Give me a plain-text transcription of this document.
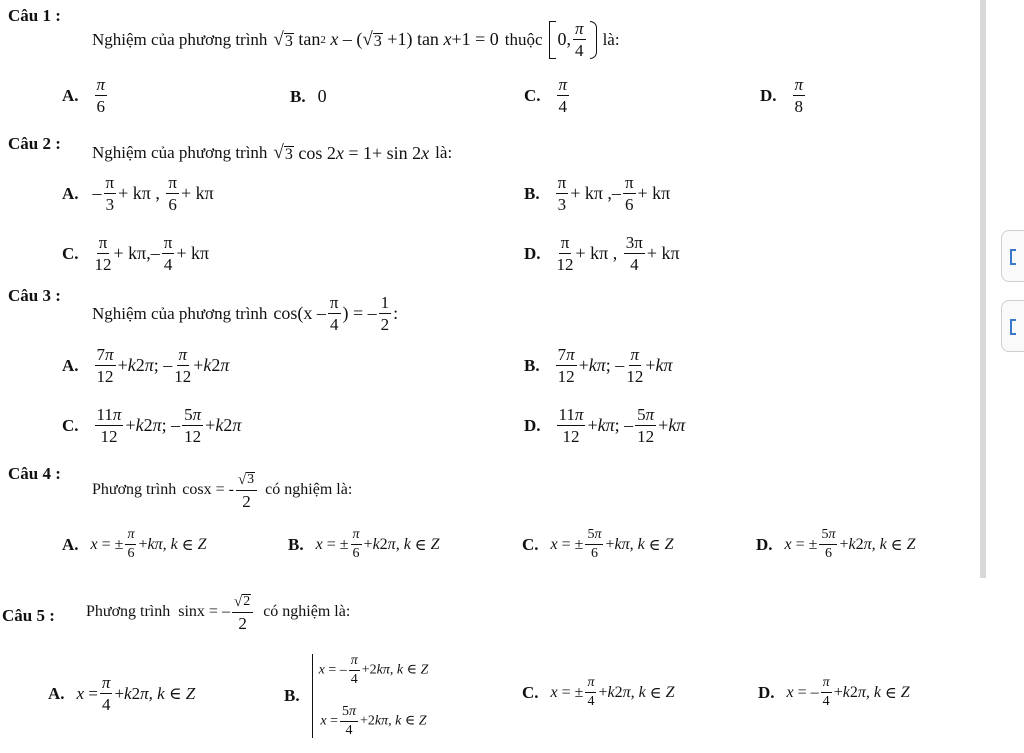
Câu 1 :
Nghiệm của phương trình √ 3 tan 2
x – ( √ 3 +1) tan x +1 = 0 thuộc 0, $\frac{\pi}{4}$ là:
A. $\frac{\pi}{6}$	B. 0	C. $\frac{\pi}{4}$	D. $\frac{\pi}{8}$
Câu 2 : Nghiệm của phương trình √ 3 cos 2 x = 1+ sin 2 x là:
A. – $\frac{\pi}{3} + k\pi$ , $\frac{\pi}{6} + k\pi$	B. $\frac{\pi}{3} + k\pi$ ,– $\frac{\pi}{6} + k\pi$
C. $\frac{\pi}{12} + k\pi,- \frac{\pi}{4} + k\pi$	D. $\frac{\pi}{12} + k\pi$ , $\frac{3\pi}{4} + k\pi$
Câu 3 :
Nghiệm của phương trình $\cos(x - \frac{\pi}{4}$ ) = – $\frac{1}{2}$ :
A. $\frac{7\pi}{12} + k$ 2 π ; – $\frac{\pi}{12} + k$ 2 π	B. $\frac{7\pi}{12} + k\pi$ ; – $\frac{\pi}{12} + k\pi$
C. $\frac{11\pi}{12} + k$ 2 π ; – $\frac{5\pi}{12} + k$ 2 π	D. $\frac{11\pi}{12} + k\pi$ ; – $\frac{5\pi}{12} + k\pi$
Câu 4 :
Phương trình cosx = - $\frac{√ 3}{2}$ có nghiệm là:
A. x = ± $\frac{\pi}{6} + k\pi$, k ∈ Z	B. x = ± $\frac{\pi}{6} + k$ 2 π, k ∈ Z	C. x = ± $\frac{5\pi}{6} + k\pi$, k ∈ Z	D. x = ± $\frac{5\pi}{6} + k$ 2 π, k ∈ Z
Câu 5 : Phương trình sinx = – $\frac{√ 2}{2}$ có nghiệm là:
A. $x = \frac{\pi}{4} + k$ 2 π, k ∈ Z	B.
x = – $\frac{\pi}{4} +2k\pi$, k ∈ Z
$x = \frac{5\pi}{4} +2k\pi$, k ∈ Z
C. x = ± $\frac{\pi}{4} + k$ 2 π, k ∈ Z	D. x = – $\frac{\pi}{4} + k$ 2 π, k ∈ Z
